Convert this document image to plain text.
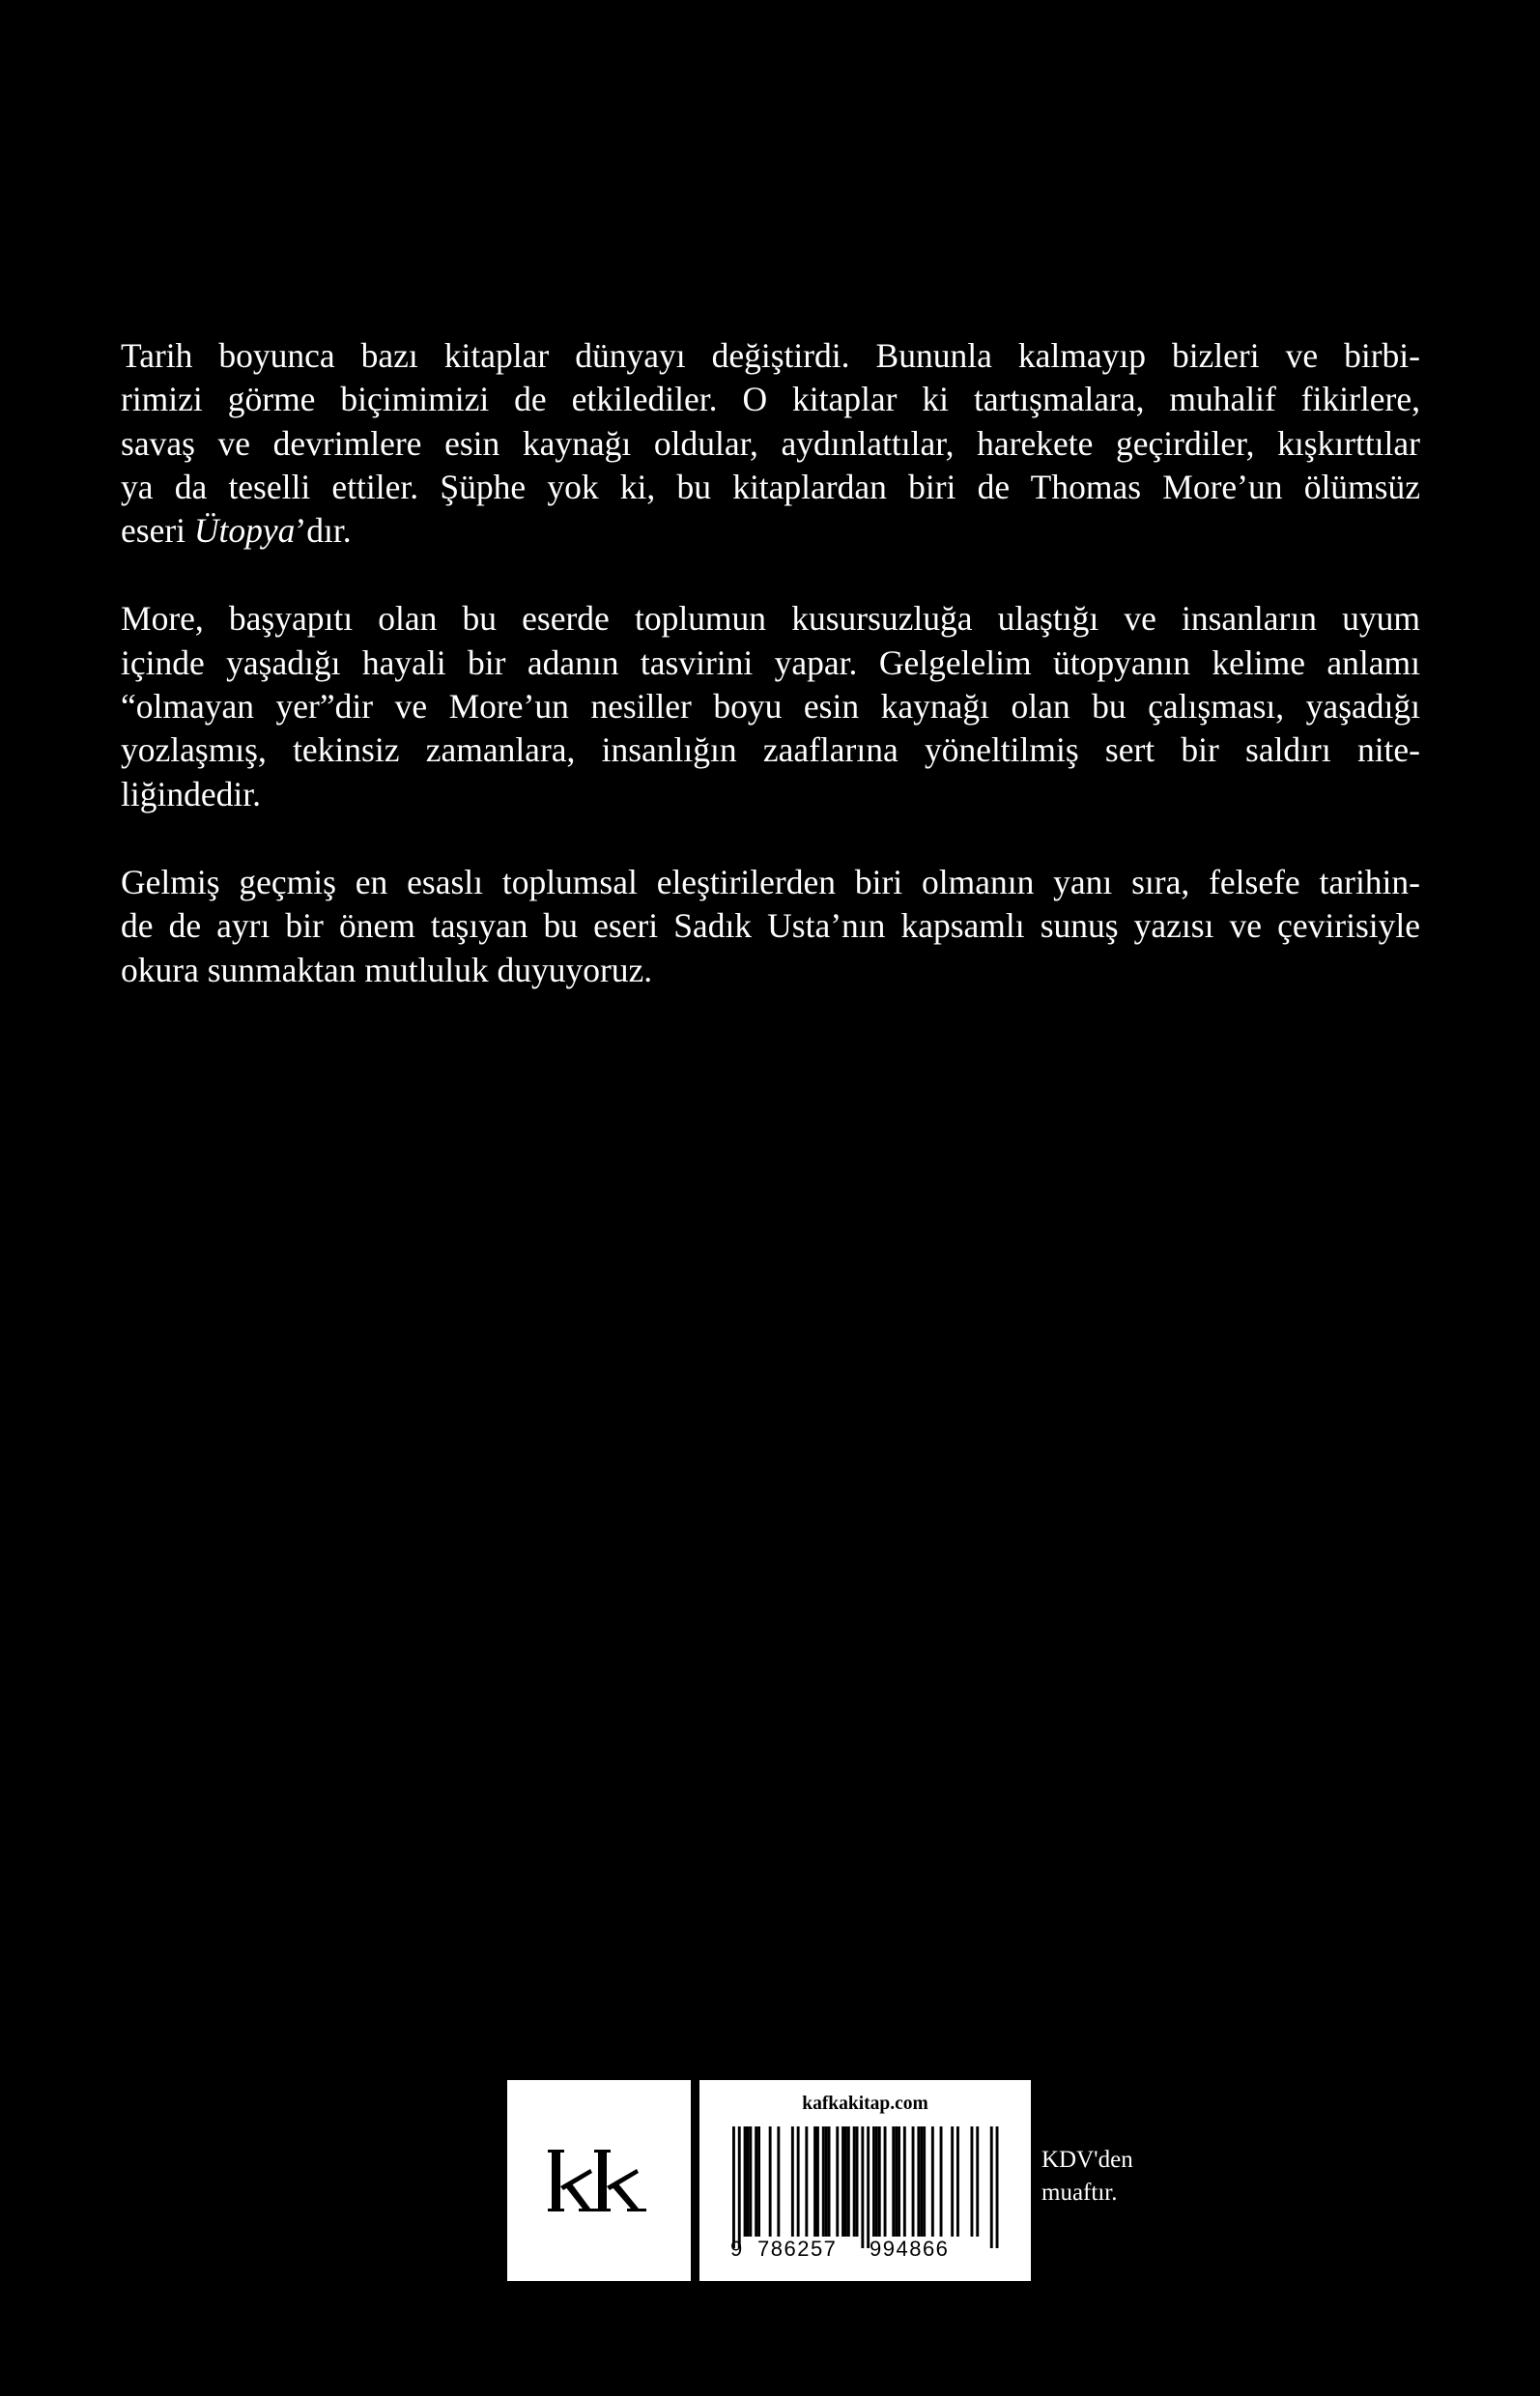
Tarih boyunca bazı kitaplar dünyayı değiştirdi. Bununla kalmayıp bizleri ve birbi-
rimizi görme biçimimizi de etkilediler. O kitaplar ki tartışmalara, muhalif fikirlere,
savaş ve devrimlere esin kaynağı oldular, aydınlattılar, harekete geçirdiler, kışkırttılar
ya da teselli ettiler. Şüphe yok ki, bu kitaplardan biri de Thomas More’un ölümsüz
eseri Ütopya’dır.

More, başyapıtı olan bu eserde toplumun kusursuzluğa ulaştığı ve insanların uyum
içinde yaşadığı hayali bir adanın tasvirini yapar. Gelgelelim ütopyanın kelime anlamı
“olmayan yer”dir ve More’un nesiller boyu esin kaynağı olan bu çalışması, yaşadığı
yozlaşmış, tekinsiz zamanlara, insanlığın zaaflarına yöneltilmiş sert bir saldırı nite-
liğindedir.

Gelmiş geçmiş en esaslı toplumsal eleştirilerden biri olmanın yanı sıra, felsefe tarihin-
de de ayrı bir önem taşıyan bu eseri Sadık Usta’nın kapsamlı sunuş yazısı ve çevirisiyle
okura sunmaktan mutluluk duyuyoruz.

kafkakitap.com
9 786257 994866
KDV'den
muaftır.
